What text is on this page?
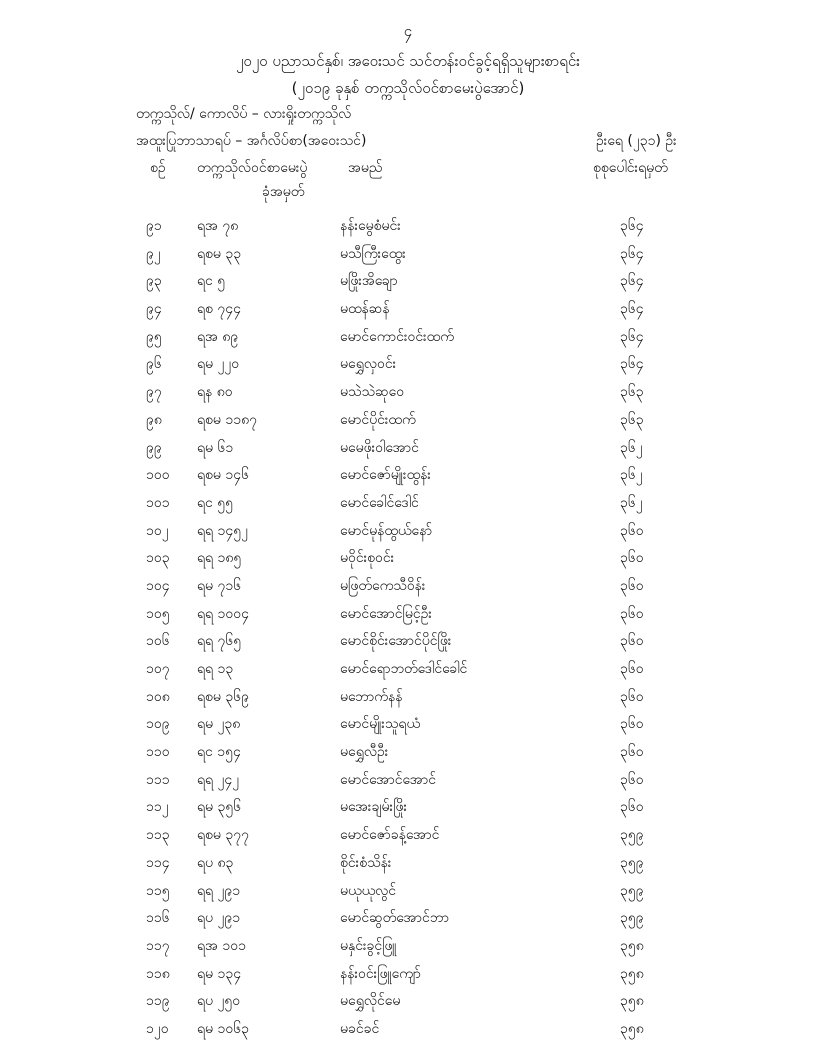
၄
၂၀၂၀ ပညာသင်နှစ်၊ အဝေးသင် သင်တန်းဝင်ခွင့်ရရှိသူများစာရင်း
(၂၀၁၉ ခုနှစ် တက္ကသိုလ်ဝင်စာမေးပွဲအောင်)
တက္ကသိုလ်/ ကောလိပ် – လားရှိုးတက္ကသိုလ်
အထူးပြုဘာသာရပ် – အင်္ဂလိပ်စာ(အဝေးသင်)	ဦးရေ (၂၃၁) ဦး
စဉ် တက္ကသိုလ်ဝင်စာမေးပွဲ
ခုံအမှတ်
အမည်	စုစုပေါင်းရမှတ်
၉၁	ရအ ၇၈	နန်းမွေစံမင်း	၃၆၄
၉၂	ရစမ ၃၃	မသီကြီးထွေး	၃၆၄
၉၃	ရင ၅	မဖြိုးအိချော	၃၆၄
၉၄	ရစ ၇၄၄	မထန်ဆန်	၃၆၄
၉၅	ရအ ၈၉	မောင်ကောင်းဝင်းထက်	၃၆၄
၉၆	ရမ ၂၂၀	မရွှေလှဝင်း	၃၆၄
၉၇	ရန ၈၀	မသဲသဲဆုဝေ	၃၆၃
၉၈	ရစမ ၁၁၈၇	မောင်ပိုင်းထက်	၃၆၃
၉၉	ရမ ၆၁	မမေဖိုးဝါအောင်	၃၆၂
၁၀၀ ရစမ ၁၄၆	မောင်ဇော်မျိုးထွန်း	၃၆၂
၁၀၁ ရင ၅၅	မောင်ခေါင်ဒေါင်	၃၆၂
၁၀၂ ရရ ၁၄၅၂	မောင်မုန်ထွယ်နော်	၃၆၀
၁၀၃ ရရ ၁၈၅	မဝိုင်းစုဝင်း	၃၆၀
၁၀၄ ရမ ၇၁၆	မဖြတ်ကေသီဝိန်း	၃၆၀
၁၀၅ ရရ ၁၀၀၄	မောင်အောင်မြင့်ဦး	၃၆၀
၁၀၆ ရရ ၇၆၅	မောင်စိုင်းအောင်ပိုင်ဖြိုး	၃၆၀
၁၀၇ ရရ ၁၃	မောင်ရောဘတ်ဒေါင်ခေါင်	၃၆၀
၁၀၈ ရစမ ၃၆၉	မဘောက်နန်	၃၆၀
၁၀၉ ရမ ၂၃၈	မောင်မျိုးသူရယံ	၃၆၀
၁၁၀ ရင ၁၅၄	မရွှေလီဦး	၃၆၀
၁၁၁ ရရ ၂၄၂	မောင်အောင်အောင်	၃၆၀
၁၁၂ ရမ ၃၅၆	မအေးချမ်းဖြိုး	၃၆၀
၁၁၃ ရစမ ၃၇၇	မောင်ဇော်ခန့်အောင်	၃၅၉
၁၁၄ ရပ ၈၃	စိုင်းစံသိန်း	၃၅၉
၁၁၅ ရရ ၂၉၁	မယုယုလွင်	၃၅၉
၁၁၆ ရပ ၂၉၁	မောင်ဆွတ်အောင်ဘာ	၃၅၉
၁၁၇ ရအ ၁၀၁	မနှင်းခွင့်ဖြူ	၃၅၈
၁၁၈ ရမ ၁၃၄	နန်းဝင်းဖြူကျော်	၃၅၈
၁၁၉ ရပ ၂၅၀	မရွှေလိုင်မေ	၃၅၈
၁၂၀ ရမ ၁၀၆၃	မခင်ခင်	၃၅၈
